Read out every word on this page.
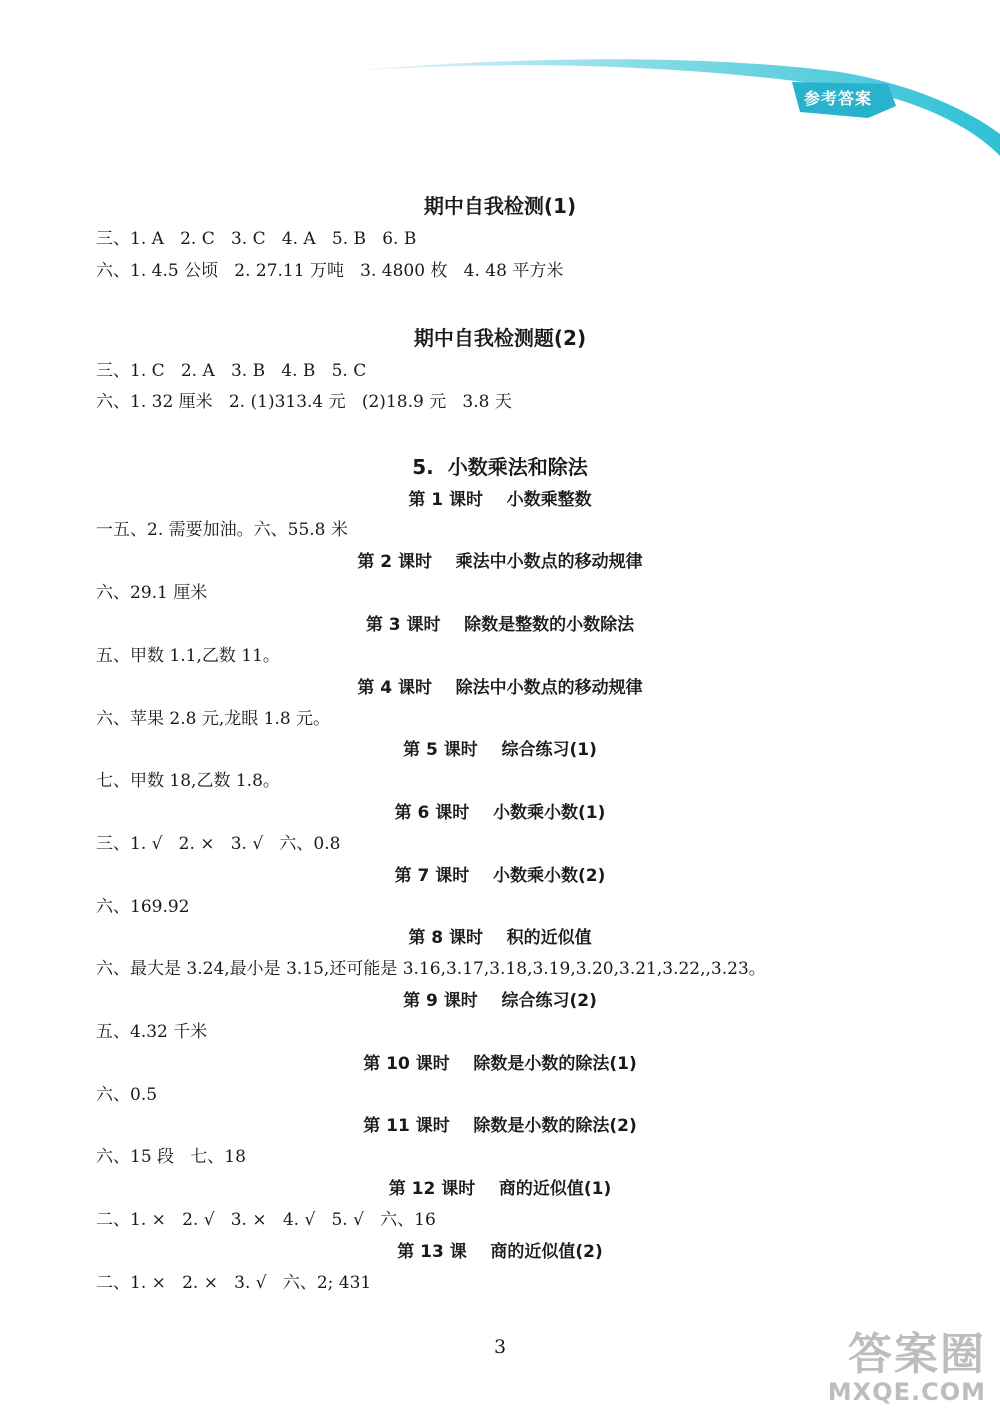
参考答案
期中自我检测(1)
三、1. A   2. C   3. C   4. A   5. B   6. B
六、1. 4.5 公顷   2. 27.11 万吨   3. 4800 枚   4. 48 平方米
期中自我检测题(2)
三、1. C   2. A   3. B   4. B   5. C
六、1. 32 厘米   2. (1)313.4 元   (2)18.9 元   3.8 天
5.  小数乘法和除法
第 1 课时    小数乘整数
一五、2. 需要加油。六、55.8 米
第 2 课时    乘法中小数点的移动规律
六、29.1 厘米
第 3 课时    除数是整数的小数除法
五、甲数 1.1,乙数 11。
第 4 课时    除法中小数点的移动规律
六、苹果 2.8 元,龙眼 1.8 元。
第 5 课时    综合练习(1)
七、甲数 18,乙数 1.8。
第 6 课时    小数乘小数(1)
三、1. √   2. ×   3. √   六、0.8
第 7 课时    小数乘小数(2)
六、169.92
第 8 课时    积的近似值
六、最大是 3.24,最小是 3.15,还可能是 3.16,3.17,3.18,3.19,3.20,3.21,3.22,,3.23。
第 9 课时    综合练习(2)
五、4.32 千米
第 10 课时    除数是小数的除法(1)
六、0.5
第 11 课时    除数是小数的除法(2)
六、15 段   七、18
第 12 课时    商的近似值(1)
二、1. ×   2. √   3. ×   4. √   5. √   六、16
第 13 课    商的近似值(2)
二、1. ×   2. ×   3. √   六、2; 431
3	答案圈
MXQE.COM
